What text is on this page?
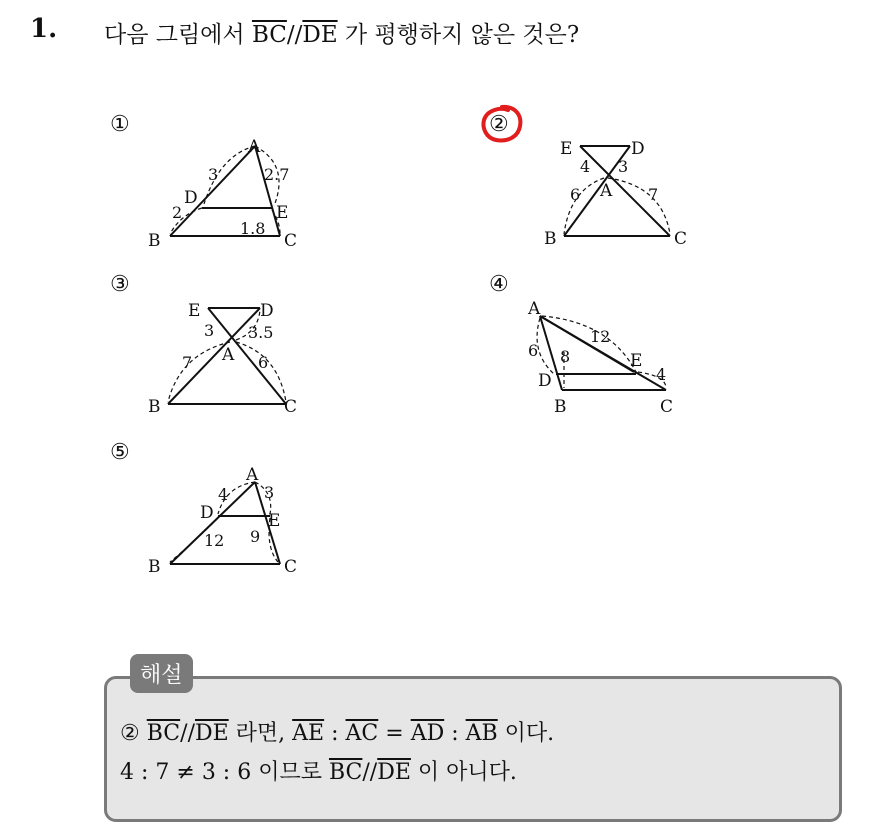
1. 다음 그림에서 $\overline{BC}//\overline{DE}$ 가 평행하지 않은 것은?
①
A
B	C
D
E
3
2
2.7
1.8
②
E	D
A
B	C
4 3
6	7
③
E	D
A
B	C
3 3.5
7	6
④
A
D
B	C
E
12
6 8
4
⑤
A
D	E
B	C
4 3
12 9
해설
② $\overline{BC}//\overline{DE}$ 라면, $\overline{AE}$ : $\overline{AC} = \overline{AD}$ : $\overline{AB}$ 이다.
4 : 7 ≠ 3 : 6 이므로 $\overline{BC}//\overline{DE}$ 이 아니다.
